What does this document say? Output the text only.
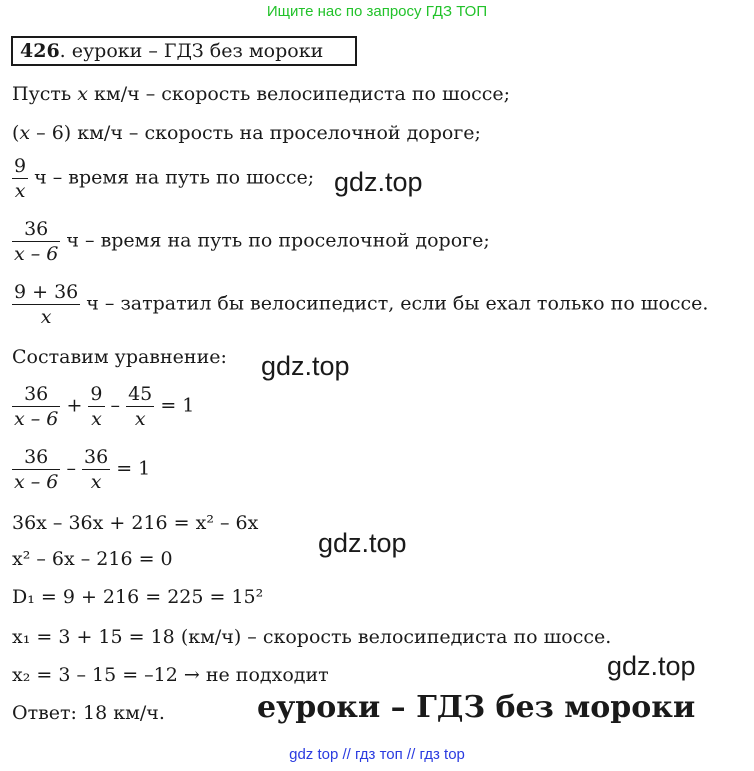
Ищите нас по запросу ГДЗ ТОП
426. еуроки – ГДЗ без мороки
Пусть x км/ч – скорость велосипедиста по шоссе;
(x – 6) км/ч – скорость на проселочной дороге;
$\frac{9}{x}$ ч – время на путь по шоссе;
$\frac{36}{x - 6}$ ч – время на путь по проселочной дороге;
$\frac{9 + 36}{x}$ ч – затратил бы велосипедист, если бы ехал только по шоссе.
Составим уравнение:
$\frac{36}{x - 6} + \frac{9}{x} - \frac{45}{x} = 1$
$\frac{36}{x - 6} - \frac{36}{x} = 1$
36x – 36x + 216 = x² – 6x
x² – 6x – 216 = 0
D₁ = 9 + 216 = 225 = 15²
x₁ = 3 + 15 = 18 (км/ч) – скорость велосипедиста по шоссе.
x₂ = 3 – 15 = –12 → не подходит
Ответ: 18 км/ч.
gdz.top
gdz.top
gdz.top
gdz.top
еуроки – ГДЗ без мороки
gdz top // гдз топ // гдз top
